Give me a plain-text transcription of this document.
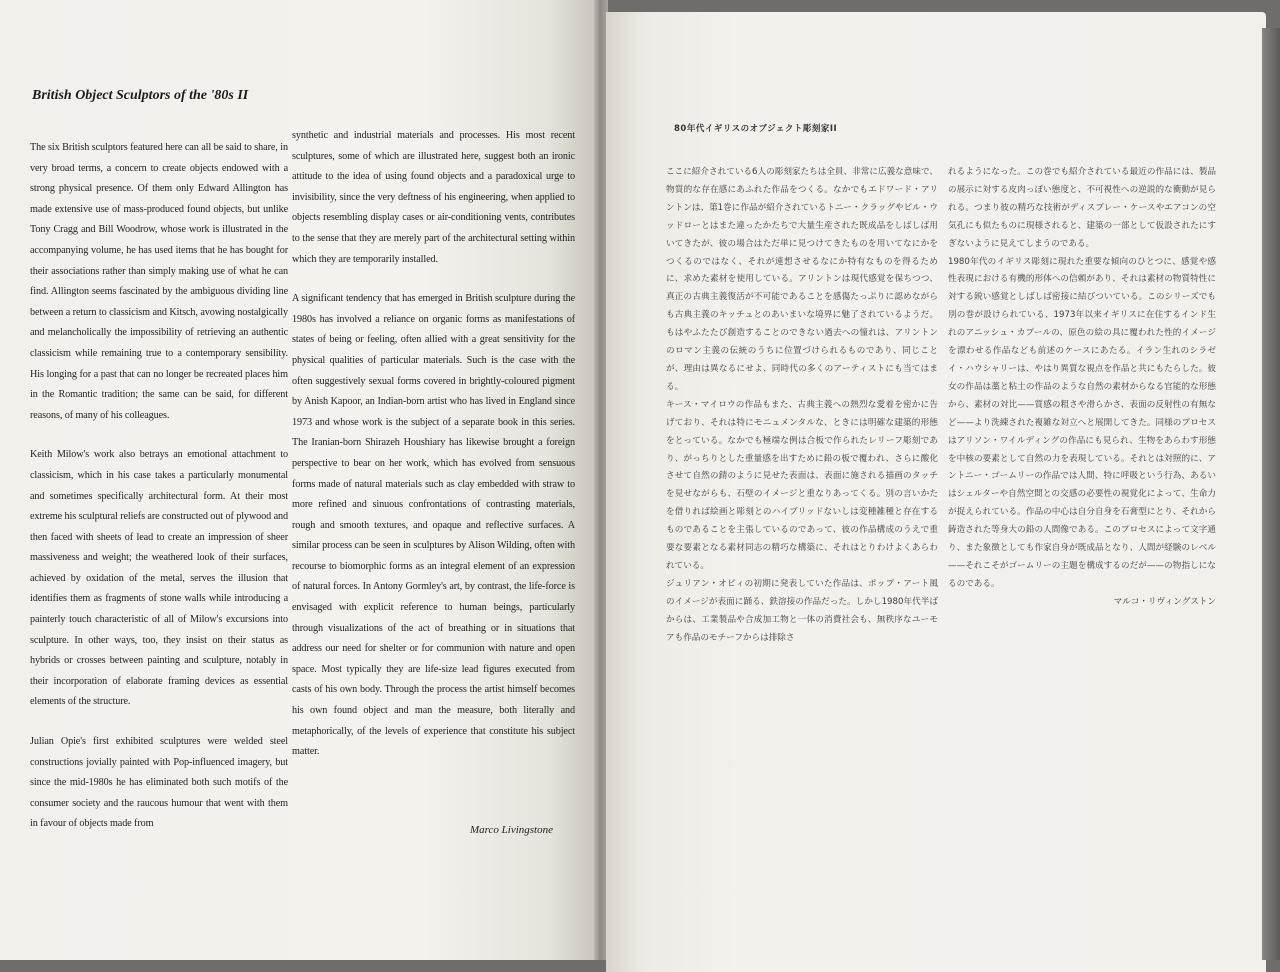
British Object Sculptors of the '80s II

The six British sculptors featured here can all be said to share, in very broad terms, a concern to create objects endowed with a strong physical presence. Of them only Edward Allington has made extensive use of mass-produced found objects, but unlike Tony Cragg and Bill Woodrow, whose work is illustrated in the accompanying volume, he has used items that he has bought for their associations rather than simply making use of what he can find. Allington seems fascinated by the ambiguous dividing line between a return to classicism and Kitsch, avowing nostalgically and melancholically the impossibility of retrieving an authentic classicism while remaining true to a contemporary sensibility. His longing for a past that can no longer be recreated places him in the Romantic tradition; the same can be said, for different reasons, of many of his colleagues.

Keith Milow's work also betrays an emotional attachment to classicism, which in his case takes a particularly monumental and sometimes specifically architectural form. At their most extreme his sculptural reliefs are constructed out of plywood and then faced with sheets of lead to create an impression of sheer massiveness and weight; the weathered look of their surfaces, achieved by oxidation of the metal, serves the illusion that identifies them as fragments of stone walls while introducing a painterly touch characteristic of all of Milow's excursions into sculpture. In other ways, too, they insist on their status as hybrids or crosses between painting and sculpture, notably in their incorporation of elaborate framing devices as essential elements of the structure.

Julian Opie's first exhibited sculptures were welded steel constructions jovially painted with Pop-influenced imagery, but since the mid-1980s he has eliminated both such motifs of the consumer society and the raucous humour that went with them in favour of objects made from

synthetic and industrial materials and processes. His most recent sculptures, some of which are illustrated here, suggest both an ironic attitude to the idea of using found objects and a paradoxical urge to invisibility, since the very deftness of his engineering, when applied to objects resembling display cases or air-conditioning vents, contributes to the sense that they are merely part of the architectural setting within which they are temporarily installed.

A significant tendency that has emerged in British sculpture during the 1980s has involved a reliance on organic forms as manifestations of states of being or feeling, often allied with a great sensitivity for the physical qualities of particular materials. Such is the case with the often suggestively sexual forms covered in brightly-coloured pigment by Anish Kapoor, an Indian-born artist who has lived in England since 1973 and whose work is the subject of a separate book in this series. The Iranian-born Shirazeh Houshiary has likewise brought a foreign perspective to bear on her work, which has evolved from sensuous forms made of natural materials such as clay embedded with straw to more refined and sinuous confrontations of contrasting materials, rough and smooth textures, and opaque and reflective surfaces. A similar process can be seen in sculptures by Alison Wilding, often with recourse to biomorphic forms as an integral element of an expression of natural forces. In Antony Gormley's art, by contrast, the life-force is envisaged with explicit reference to human beings, particularly through visualizations of the act of breathing or in situations that address our need for shelter or for communion with nature and open space. Most typically they are life-size lead figures executed from casts of his own body. Through the process the artist himself becomes his own found object and man the measure, both literally and metaphorically, of the levels of experience that constitute his subject matter.

Marco Livingstone

80年代イギリスのオブジェクト彫刻家II

ここに紹介されている6人の彫刻家たちは全員、非常に広義な意味で、物質的な存在感にあふれた作品をつくる。なかでもエドワード・アリントンは、第1巻に作品が紹介されているトニー・クラッグやビル・ウッドローとはまた違ったかたちで大量生産された既成品をしばしば用いてきたが、彼の場合はただ単に見つけてきたものを用いてなにかをつくるのではなく、それが連想させるなにか特有なものを得るために、求めた素材を使用している。アリントンは現代感覚を保ちつつ、真正の古典主義復活が不可能であることを感傷たっぷりに認めながらも古典主義のキッチュとのあいまいな境界に魅了されているようだ。もはやふたたび創造することのできない過去への憧れは、アリントンのロマン主義の伝統のうちに位置づけられるものであり、同じことが、理由は異なるにせよ、同時代の多くのアーティストにも当てはまる。

キース・マイロウの作品もまた、古典主義への熱烈な愛着を密かに告げており、それは特にモニュメンタルな、ときには明確な建築的形態をとっている。なかでも極端な例は合板で作られたレリーフ彫刻であり、がっちりとした重量感を出すために鉛の板で覆われ、さらに酸化させて自然の錆のように見せた表面は、表面に施される描画のタッチを見せながらも、石壁のイメージと重なりあってくる。別の言いかたを借りれば絵画と彫刻とのハイブリッドないしは変種雑種と存在するものであることを主張しているのであって、彼の作品構成のうえで重要な要素となる素材同志の精巧な構築に、それはとりわけよくあらわれている。

ジュリアン・オピィの初期に発表していた作品は、ポップ・アート風のイメージが表面に踊る、鉄溶接の作品だった。しかし1980年代半ばからは、工業製品や合成加工物と一体の消費社会も、無秩序なユーモアも作品のモチーフからは排除さ

れるようになった。この巻でも紹介されている最近の作品には、製品の展示に対する皮肉っぽい態度と、不可視性への逆説的な衝動が見られる。つまり彼の精巧な技術がディスプレー・ケースやエアコンの空気孔にも似たものに現様されると、建築の一部として仮設されたにすぎないように見えてしまうのである。

1980年代のイギリス彫刻に現れた重要な傾向のひとつに、感覚や感性表現における有機的形体への信頼があり、それは素材の物質特性に対する鋭い感覚としばしば密接に結びついている。このシリーズでも別の巻が設けられている、1973年以来イギリスに在住するインド生れのアニッシュ・カプールの、原色の絵の具に覆われた性的イメージを漂わせる作品なども前述のケースにあたる。イラン生れのシラゼイ・ハウシャリーは、やはり異質な視点を作品と共にもたらした。彼女の作品は藁と粘土の作品のような自然の素材からなる官能的な形態から、素材の対比——質感の粗さや滑らかさ、表面の反射性の有無など——より洗練された複雑な対立へと展開してきた。同様のプロセスはアリソン・ワイルディングの作品にも見られ、生物をあらわす形態を中核の要素として自然の力を表現している。それとは対照的に、アントニー・ゴームリーの作品では人間、特に呼吸という行為、あるいはシェルターや自然空間との交感の必要性の視覚化によって、生命力が捉えられている。作品の中心は自分自身を石膏型にとり、それから鋳造された等身大の鉛の人間像である。このプロセスによって文字通り、また象徴としても作家自身が既成品となり、人間が経験のレベル——それこそがゴームリーの主題を構成するのだが——の物指しになるのである。

マルコ・リヴィングストン
